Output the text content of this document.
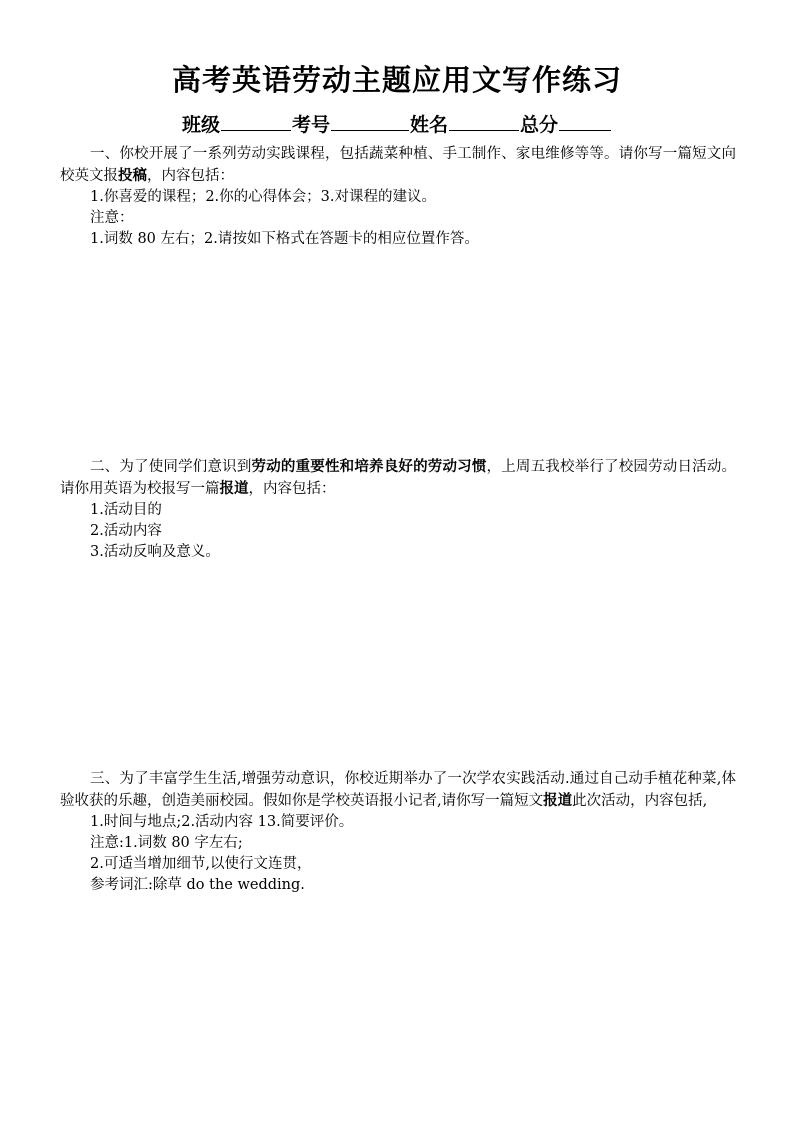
高考英语劳动主题应用文写作练习
班级	考号	姓名	总分

一、你校开展了一系列劳动实践课程，包括蔬菜种植、手工制作、家电维修等等。请你写一篇短文向校英文报投稿，内容包括：

1.你喜爱的课程；2.你的心得体会；3.对课程的建议。

注意：

1.词数 80 左右；2.请按如下格式在答题卡的相应位置作答。

二、为了使同学们意识到劳动的重要性和培养良好的劳动习惯，上周五我校举行了校园劳动日活动。请你用英语为校报写一篇报道，内容包括：

1.活动目的

2.活动内容

3.活动反响及意义。

三、为了丰富学生生活,增强劳动意识，你校近期举办了一次学农实践活动.通过自己动手植花种菜,体验收获的乐趣，创造美丽校园。假如你是学校英语报小记者,请你写一篇短文报道此次活动，内容包括,

1.时间与地点;2.活动内容 13.简要评价。

注意:1.词数 80 字左右;

2.可适当增加细节,以使行文连贯，

参考词汇:除草 do the wedding.
